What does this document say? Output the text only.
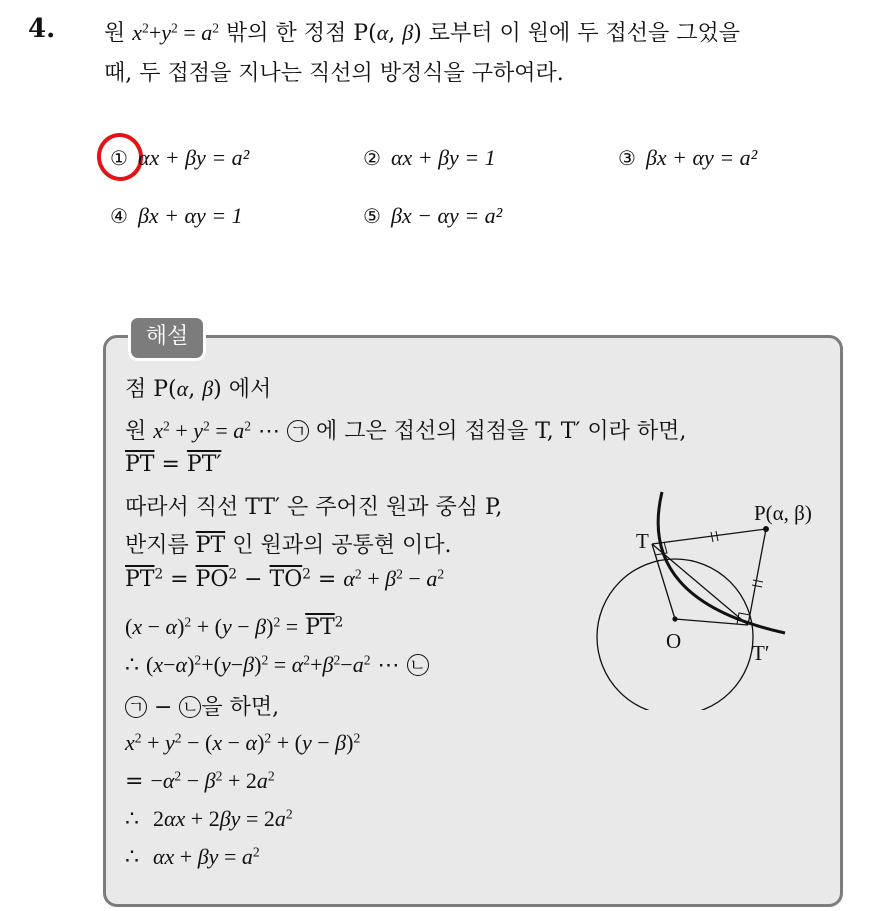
4. 원 $x^2+y^2 = a^2$ 밖의 한 정점 P(α, β) 로부터 이 원에 두 접선을 그었을
때, 두 접점을 지나는 직선의 방정식을 구하여라.
① αx + βy = a²	② αx + βy = 1	③ βx + αy = a²
④ βx + αy = 1	⑤ βx − αy = a²
해설
점 P(α, β) 에서
원 $x^2 + y^2 = a^2$ ⋯ ㄱ 에 그은 접선의 접점을 T, T′ 이라 하면,
$\overline{PT} = PT'$
따라서 직선 TT′ 은 주어진 원과 중심 P,
반지름 $\overline{PT}$ 인 원과의 공통현 이다.
$\overline{PT}^2 = \overline{PO}^2 - \overline{TO}^2 = \alpha^2 + \beta^2 - a^2$
$(x - \alpha)^2 + (y - \beta)^2 = \overline{PT}^2$
∴ $(x-\alpha)^2+(y-\beta)^2 = \alpha^2+\beta^2-a^2$ ⋯ ㄴ
ㄱ − ㄴ 을 하면,
$x^2 + y^2 - (x - \alpha)^2 + (y - \beta)^2$
= $-\alpha^2 - \beta^2 + 2a^2$
∴  $2\alpha x + 2\beta y = 2a^2$
∴  $\alpha x + \beta y = a^2$
P(α, β)
T
O	T′
